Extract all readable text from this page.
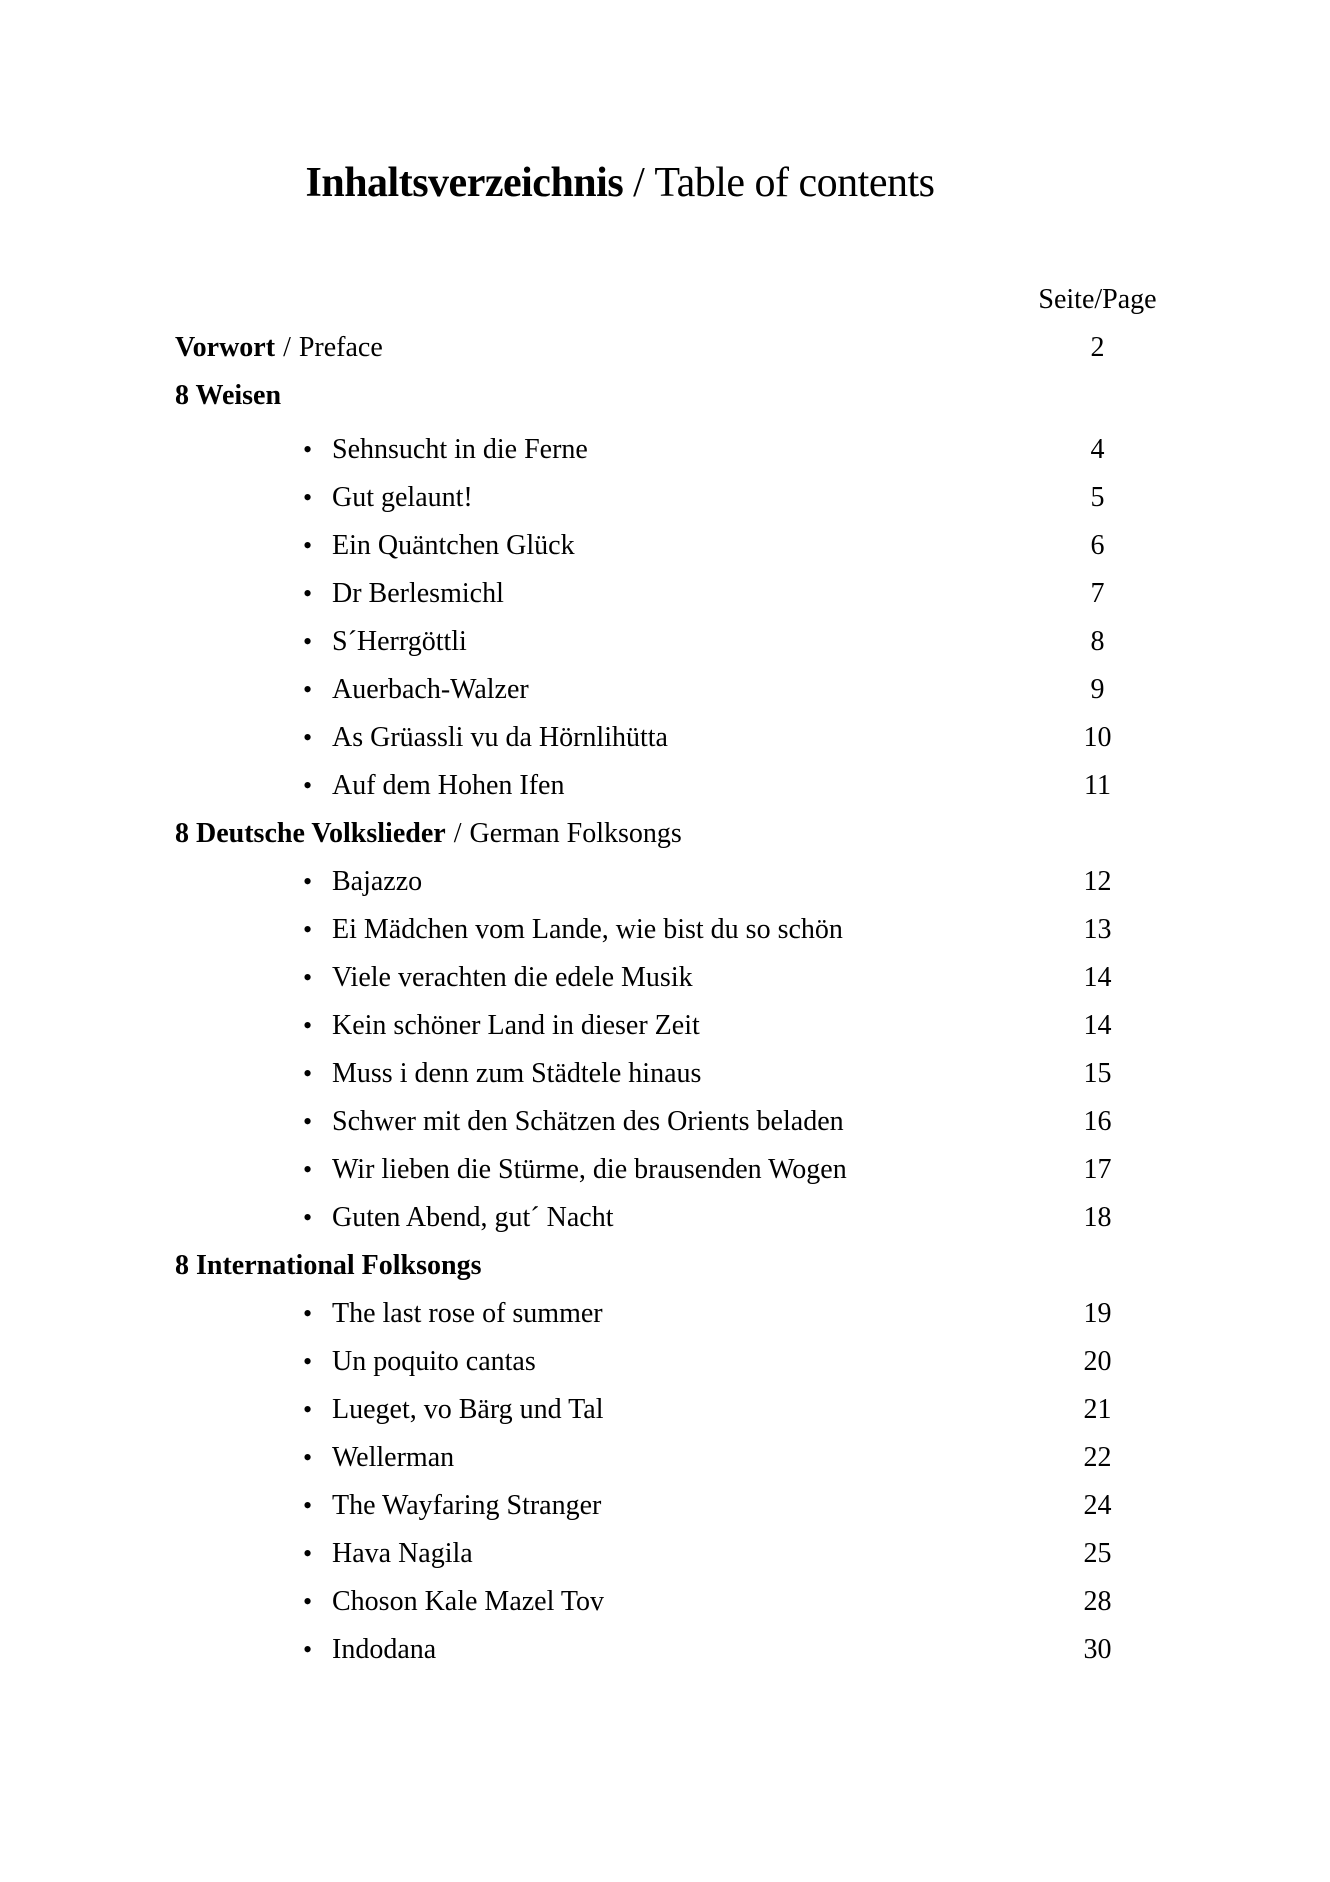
Inhaltsverzeichnis / Table of contents
Seite/Page
Vorwort / Preface	2
8 Weisen
• Sehnsucht in die Ferne	4
• Gut gelaunt!	5
• Ein Quäntchen Glück	6
• Dr Berlesmichl	7
• S´Herrgöttli	8
• Auerbach-Walzer	9
• As Grüassli vu da Hörnlihütta	10
• Auf dem Hohen Ifen	11
8 Deutsche Volkslieder / German Folksongs
• Bajazzo	12
• Ei Mädchen vom Lande, wie bist du so schön	13
• Viele verachten die edele Musik	14
• Kein schöner Land in dieser Zeit	14
• Muss i denn zum Städtele hinaus	15
• Schwer mit den Schätzen des Orients beladen	16
• Wir lieben die Stürme, die brausenden Wogen	17
• Guten Abend, gut´ Nacht	18
8 International Folksongs
• The last rose of summer	19
• Un poquito cantas	20
• Lueget, vo Bärg und Tal	21
• Wellerman	22
• The Wayfaring Stranger	24
• Hava Nagila	25
• Choson Kale Mazel Tov	28
• Indodana	30
